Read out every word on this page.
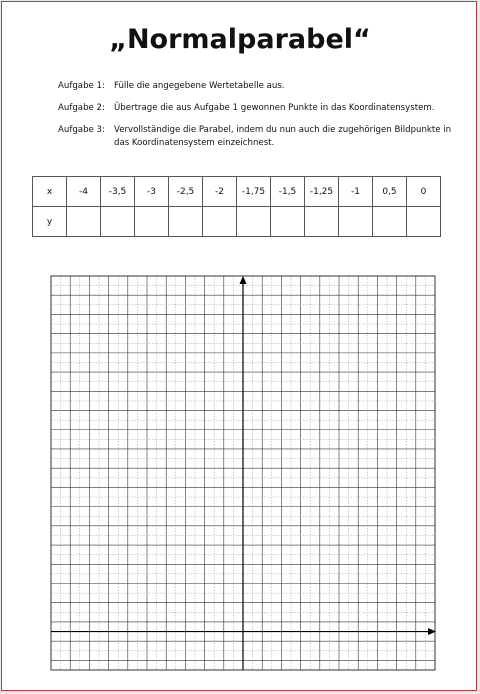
„Normalparabel“
Aufgabe 1: Fülle die angegebene Wertetabelle aus.
Aufgabe 2: Übertrage die aus Aufgabe 1 gewonnen Punkte in das Koordinatensystem.
Aufgabe 3: Vervollständige die Parabel, indem du nun auch die zugehörigen Bildpunkte in das Koordinatensystem einzeichnest.
x	-4	-3,5	-3	-2,5	-2	-1,75	-1,5	-1,25	-1	0,5	0
y											
